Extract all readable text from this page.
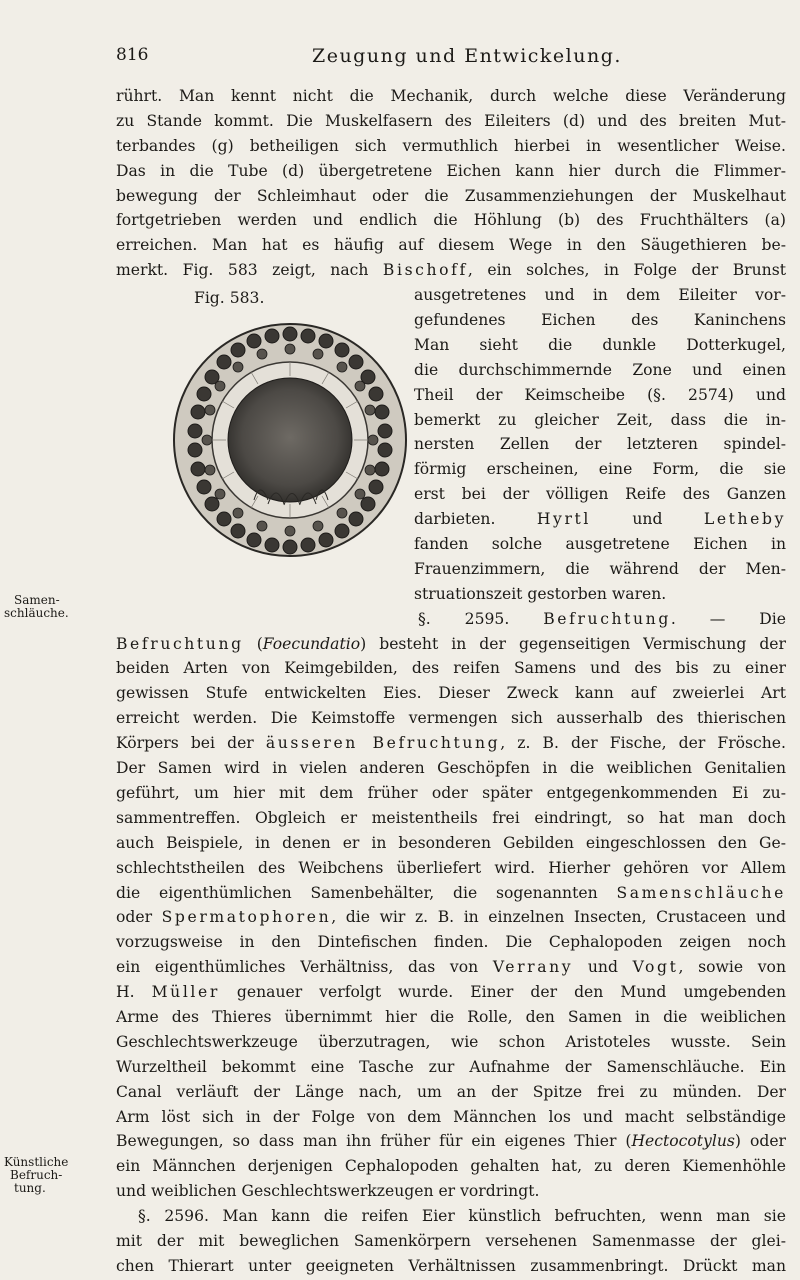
816	Zeugung und Entwickelung.
Fig. 583.
Samen-
schläuche.
Künstliche
Befruch-
tung.
rührt. Man kennt nicht die Mechanik, durch welche diese Veränderung
zu Stande kommt. Die Muskelfasern des Eileiters (d) und des breiten Mut-
terbandes (g) betheiligen sich vermuthlich hierbei in wesentlicher Weise.
Das in die Tube (d) übergetretene Eichen kann hier durch die Flimmer-
bewegung der Schleimhaut oder die Zusammenziehungen der Muskelhaut
fortgetrieben werden und endlich die Höhlung (b) des Fruchthälters (a)
erreichen. Man hat es häufig auf diesem Wege in den Säugethieren be-
merkt. Fig. 583 zeigt, nach Bischoff, ein solches, in Folge der Brunst
ausgetretenes und in dem Eileiter vor-
gefundenes Eichen des Kaninchens
Man sieht die dunkle Dotterkugel,
die durchschimmernde Zone und einen
Theil der Keimscheibe (§. 2574) und
bemerkt zu gleicher Zeit, dass die in-
nersten Zellen der letzteren spindel-
förmig erscheinen, eine Form, die sie
erst bei der völligen Reife des Ganzen
darbieten. Hyrtl und Letheby
fanden solche ausgetretene Eichen in
Frauenzimmern, die während der Men-
struationszeit gestorben waren.
§. 2595. Befruchtung. — Die
Befruchtung (Foecundatio) besteht in der gegenseitigen Vermischung der
beiden Arten von Keimgebilden, des reifen Samens und des bis zu einer
gewissen Stufe entwickelten Eies. Dieser Zweck kann auf zweierlei Art
erreicht werden. Die Keimstoffe vermengen sich ausserhalb des thierischen
Körpers bei der äusseren Befruchtung, z. B. der Fische, der Frösche.
Der Samen wird in vielen anderen Geschöpfen in die weiblichen Genitalien
geführt, um hier mit dem früher oder später entgegenkommenden Ei zu-
sammentreffen. Obgleich er meistentheils frei eindringt, so hat man doch
auch Beispiele, in denen er in besonderen Gebilden eingeschlossen den Ge-
schlechtstheilen des Weibchens überliefert wird. Hierher gehören vor Allem
die eigenthümlichen Samenbehälter, die sogenannten Samenschläuche
oder Spermatophoren, die wir z. B. in einzelnen Insecten, Crustaceen und
vorzugsweise in den Dintefischen finden. Die Cephalopoden zeigen noch
ein eigenthümliches Verhältniss, das von Verrany und Vogt, sowie von
H. Müller genauer verfolgt wurde. Einer der den Mund umgebenden
Arme des Thieres übernimmt hier die Rolle, den Samen in die weiblichen
Geschlechtswerkzeuge überzutragen, wie schon Aristoteles wusste. Sein
Wurzeltheil bekommt eine Tasche zur Aufnahme der Samenschläuche. Ein
Canal verläuft der Länge nach, um an der Spitze frei zu münden. Der
Arm löst sich in der Folge von dem Männchen los und macht selbständige
Bewegungen, so dass man ihn früher für ein eigenes Thier (Hectocotylus) oder
ein Männchen derjenigen Cephalopoden gehalten hat, zu deren Kiemenhöhle
und weiblichen Geschlechtswerkzeugen er vordringt.
§. 2596. Man kann die reifen Eier künstlich befruchten, wenn man sie
mit der mit beweglichen Samenkörpern versehenen Samenmasse der glei-
chen Thierart unter geeigneten Verhältnissen zusammenbringt. Drückt man
